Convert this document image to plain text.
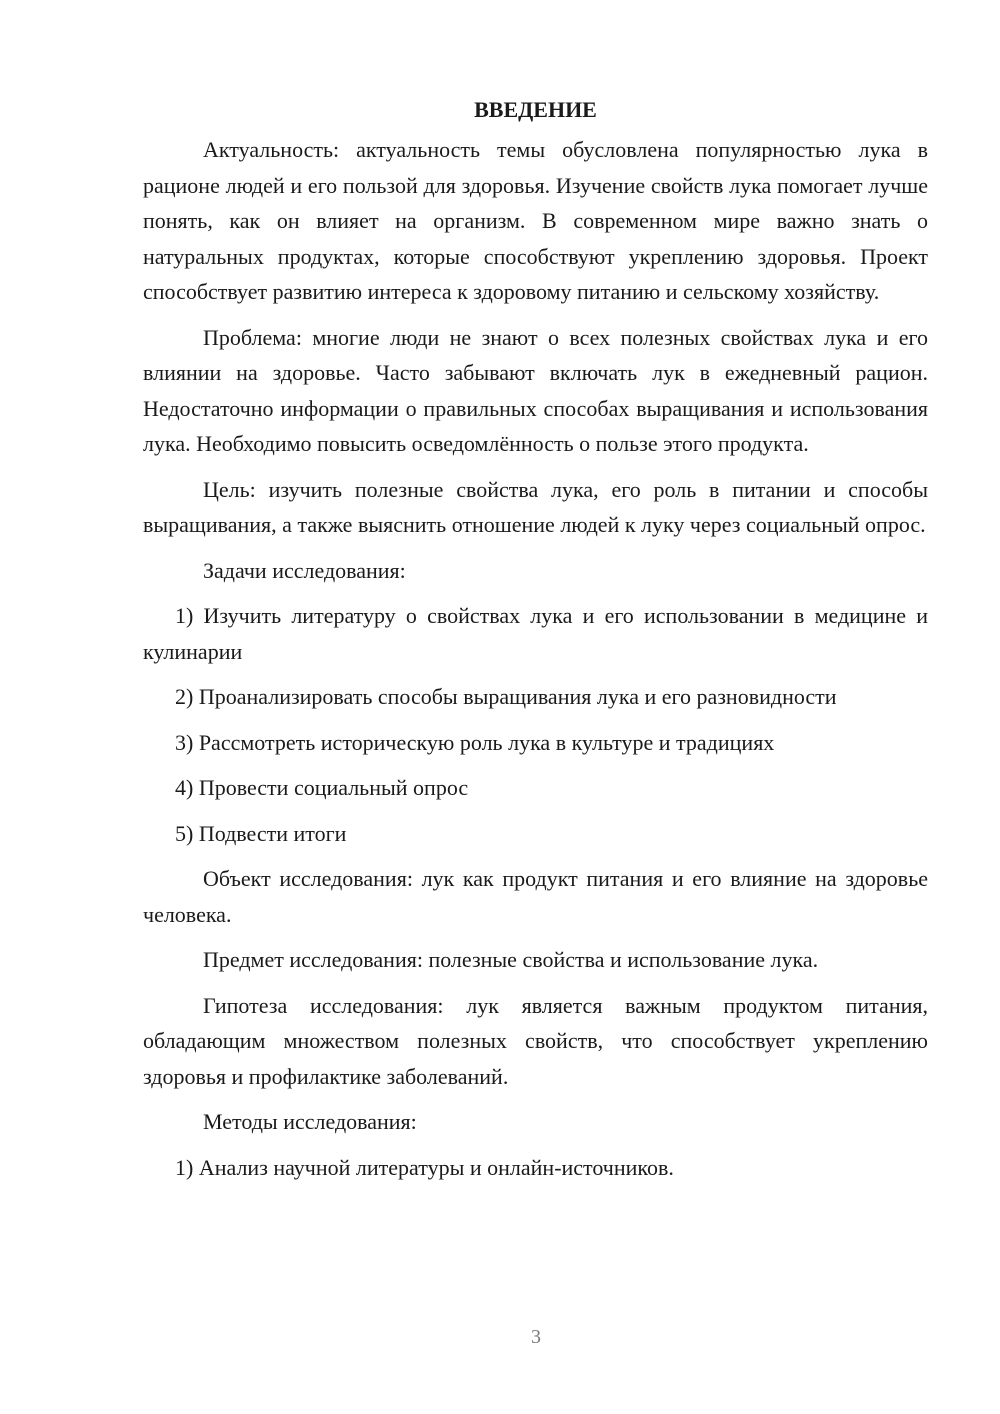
ВВЕДЕНИЕ

Актуальность: актуальность темы обусловлена популярностью лука в рационе людей и его пользой для здоровья. Изучение свойств лука помогает лучше понять, как он влияет на организм. В современном мире важно знать о натуральных продуктах, которые способствуют укреплению здоровья. Проект способствует развитию интереса к здоровому питанию и сельскому хозяйству.

Проблема: многие люди не знают о всех полезных свойствах лука и его влиянии на здоровье. Часто забывают включать лук в ежедневный рацион. Недостаточно информации о правильных способах выращивания и использования лука. Необходимо повысить осведомлённость о пользе этого продукта.

Цель: изучить полезные свойства лука, его роль в питании и способы выращивания, а также выяснить отношение людей к луку через социальный опрос.

Задачи исследования:

1) Изучить литературу о свойствах лука и его использовании в медицине и кулинарии

2) Проанализировать способы выращивания лука и его разновидности

3) Рассмотреть историческую роль лука в культуре и традициях

4) Провести социальный опрос

5) Подвести итоги

Объект исследования: лук как продукт питания и его влияние на здоровье человека.

Предмет исследования: полезные свойства и использование лука.

Гипотеза исследования: лук является важным продуктом питания, обладающим множеством полезных свойств, что способствует укреплению здоровья и профилактике заболеваний.

Методы исследования:

1) Анализ научной литературы и онлайн-источников.

3
